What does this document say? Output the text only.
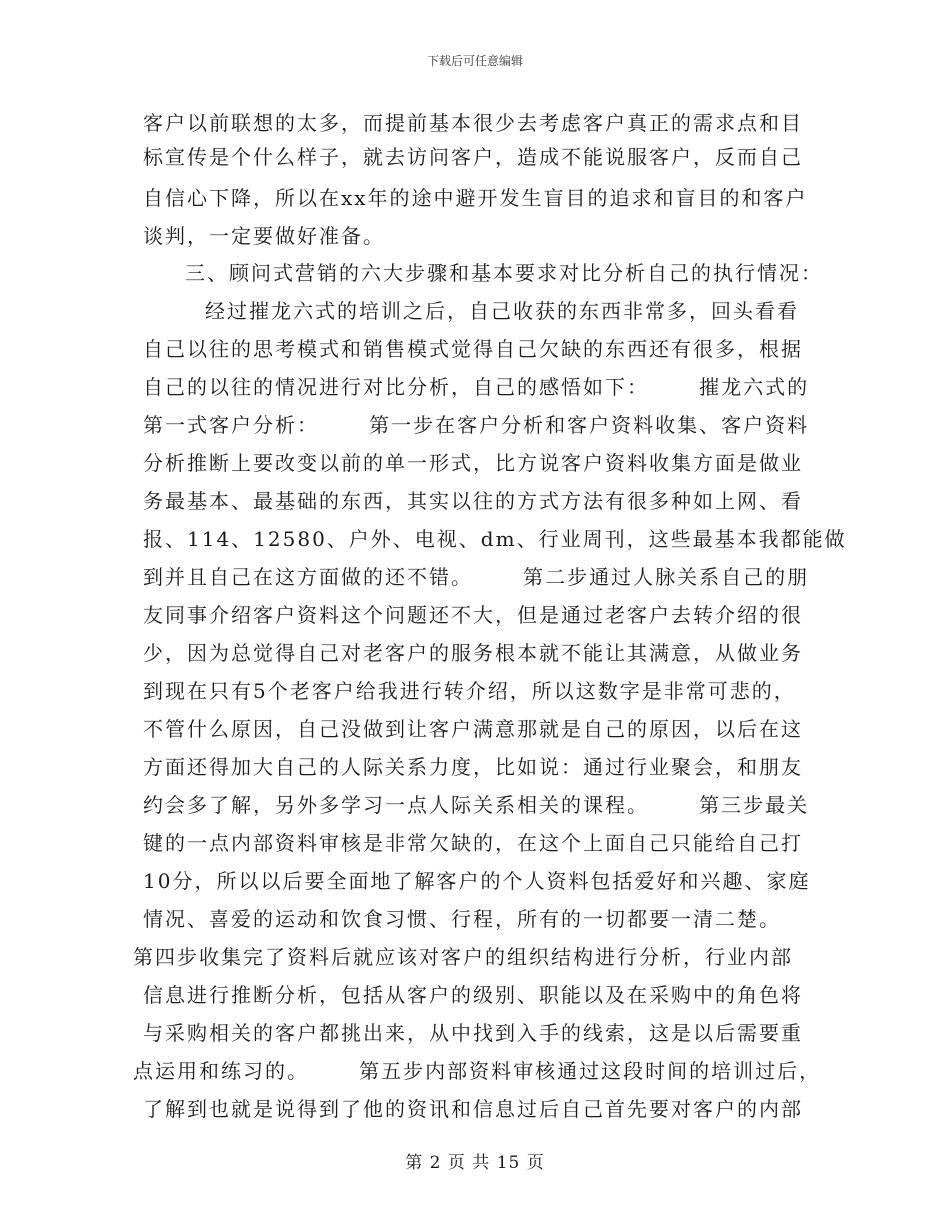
下载后可任意编辑
客户以前联想的太多，而提前基本很少去考虑客户真正的需求点和目
标宣传是个什么样子，就去访问客户，造成不能说服客户，反而自己
自信心下降，所以在xx年的途中避开发生盲目的追求和盲目的和客户
谈判，一定要做好准备。
三、顾问式营销的六大步骤和基本要求对比分析自己的执行情况：
经过摧龙六式的培训之后，自己收获的东西非常多，回头看看
自己以往的思考模式和销售模式觉得自己欠缺的东西还有很多，根据
自己的以往的情况进行对比分析，自己的感悟如下：      摧龙六式的
第一式客户分析：      第一步在客户分析和客户资料收集、客户资料
分析推断上要改变以前的单一形式，比方说客户资料收集方面是做业
务最基本、最基础的东西，其实以往的方式方法有很多种如上网、看
报、114、12580、户外、电视、dm、行业周刊，这些最基本我都能做
到并且自己在这方面做的还不错。      第二步通过人脉关系自己的朋
友同事介绍客户资料这个问题还不大，但是通过老客户去转介绍的很
少，因为总觉得自己对老客户的服务根本就不能让其满意，从做业务
到现在只有5个老客户给我进行转介绍，所以这数字是非常可悲的，
不管什么原因，自己没做到让客户满意那就是自己的原因，以后在这
方面还得加大自己的人际关系力度，比如说：通过行业聚会，和朋友
约会多了解，另外多学习一点人际关系相关的课程。      第三步最关
键的一点内部资料审核是非常欠缺的，在这个上面自己只能给自己打
10分，所以以后要全面地了解客户的个人资料包括爱好和兴趣、家庭
情况、喜爱的运动和饮食习惯、行程，所有的一切都要一清二楚。
第四步收集完了资料后就应该对客户的组织结构进行分析，行业内部
信息进行推断分析，包括从客户的级别、职能以及在采购中的角色将
与采购相关的客户都挑出来，从中找到入手的线索，这是以后需要重
点运用和练习的。      第五步内部资料审核通过这段时间的培训过后，
了解到也就是说得到了他的资讯和信息过后自己首先要对客户的内部
第 2 页 共 15 页
